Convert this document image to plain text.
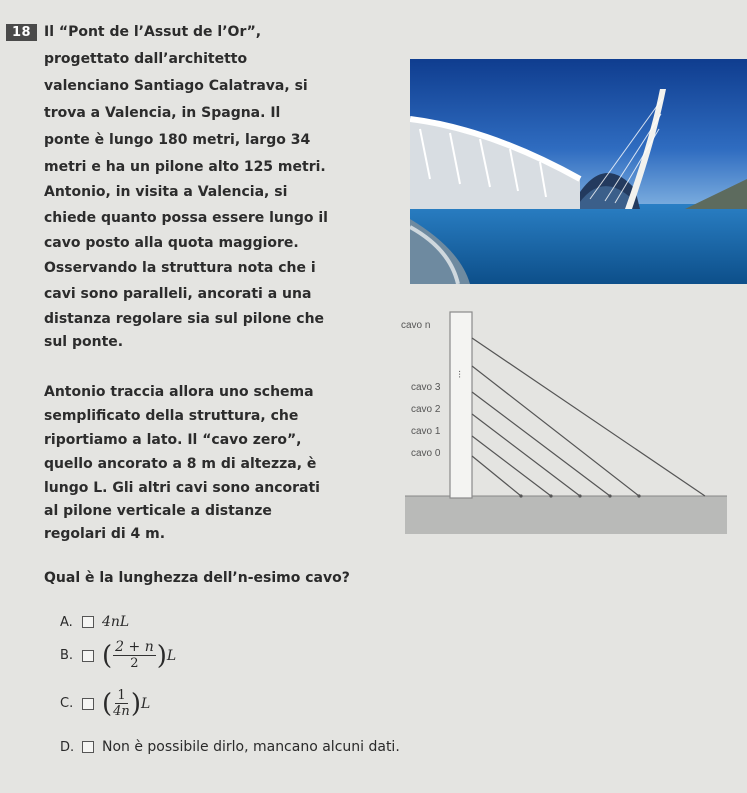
18 Il “Pont de l’Assut de l’Or”,
progettato dall’architetto
valenciano Santiago Calatrava, si
trova a Valencia, in Spagna. Il
ponte è lungo 180 metri, largo 34
metri e ha un pilone alto 125 metri.
Antonio, in visita a Valencia, si
chiede quanto possa essere lungo il
cavo posto alla quota maggiore.
Osservando la struttura nota che i
cavi sono paralleli, ancorati a una
distanza regolare sia sul pilone che
sul ponte.
Antonio traccia allora uno schema
semplificato della struttura, che
riportiamo a lato. Il “cavo zero”,
quello ancorato a 8 m di altezza, è
lungo L. Gli altri cavi sono ancorati
al pilone verticale a distanze
regolari di 4 m.
cavo n
cavo 3
cavo 2
cavo 1
cavo 0
...
Qual è la lunghezza dell’n-esimo cavo?
A.	4nL
B.	( $\frac{2 + n}{2}$ ) L
C.	( $\frac{1}{4n}$ ) L
D.	Non è possibile dirlo, mancano alcuni dati.
